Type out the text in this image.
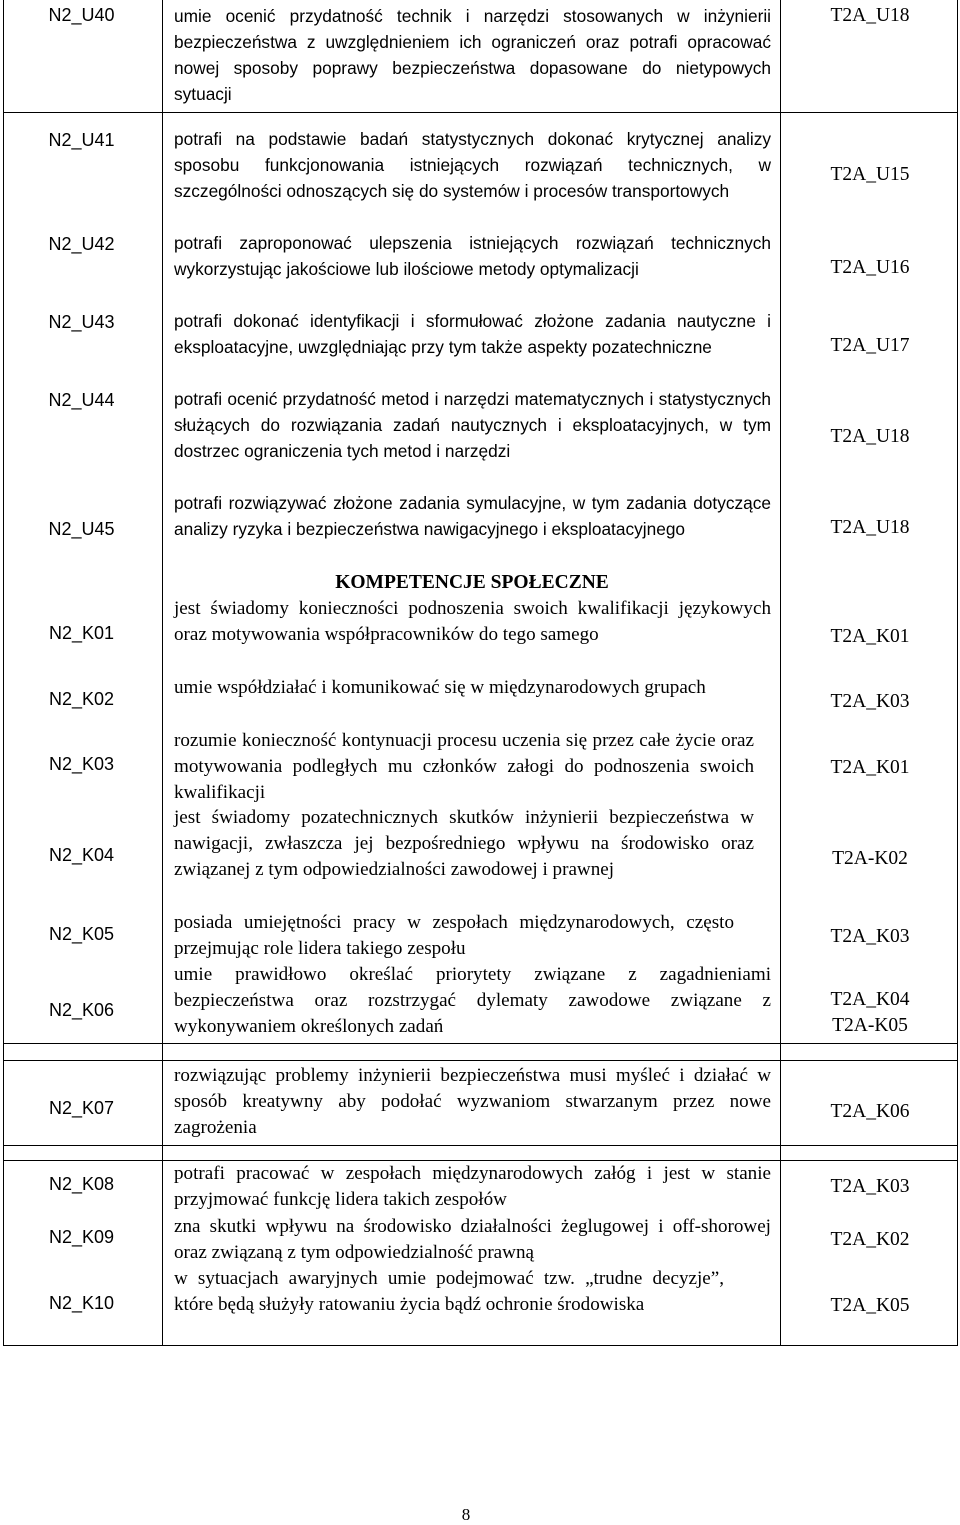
N2_U40
N2_U41
N2_U42
N2_U43
N2_U44
N2_U45
N2_K01
N2_K02
N2_K03
N2_K04
N2_K05
N2_K06
N2_K07
N2_K08
N2_K09
N2_K10

umie ocenić przydatność technik i narzędzi stosowanych w inżynierii bezpieczeństwa z uwzględnieniem ich ograniczeń oraz potrafi opracować nowej sposoby poprawy bezpieczeństwa dopasowane do nietypowych sytuacji

potrafi na podstawie badań statystycznych dokonać krytycznej analizy sposobu funkcjonowania istniejących rozwiązań technicznych, w szczególności odnoszących się do systemów i procesów transportowych

potrafi zaproponować ulepszenia istniejących rozwiązań technicznych wykorzystując jakościowe lub ilościowe metody optymalizacji

potrafi dokonać identyfikacji i sformułować złożone zadania nautyczne i eksploatacyjne, uwzględniając przy tym także aspekty pozatechniczne

potrafi ocenić przydatność metod i narzędzi matematycznych i statystycznych służących do rozwiązania zadań nautycznych i eksploatacyjnych, w tym dostrzec ograniczenia tych metod i narzędzi

potrafi rozwiązywać złożone zadania symulacyjne, w tym zadania dotyczące analizy ryzyka i bezpieczeństwa nawigacyjnego i eksploatacyjnego

KOMPETENCJE SPOŁECZNE

jest świadomy konieczności podnoszenia swoich kwalifikacji językowych oraz motywowania współpracowników do tego samego

umie współdziałać i komunikować się w międzynarodowych grupach

rozumie konieczność kontynuacji procesu uczenia się przez całe życie oraz motywowania podległych mu członków załogi do podnoszenia swoich kwalifikacji

jest świadomy pozatechnicznych skutków inżynierii bezpieczeństwa w nawigacji, zwłaszcza jej bezpośredniego wpływu na środowisko oraz związanej z tym odpowiedzialności zawodowej i prawnej

posiada umiejętności pracy w zespołach międzynarodowych, często przejmując role lidera takiego zespołu

umie prawidłowo określać priorytety związane z zagadnieniami bezpieczeństwa oraz rozstrzygać dylematy zawodowe związane z wykonywaniem określonych zadań

rozwiązując problemy inżynierii bezpieczeństwa musi myśleć i działać w sposób kreatywny aby podołać wyzwaniom stwarzanym przez nowe zagrożenia

potrafi pracować w zespołach międzynarodowych załóg i jest w stanie przyjmować funkcję lidera takich zespołów

zna skutki wpływu na środowisko działalności żeglugowej i off-shorowej oraz związaną z tym odpowiedzialność prawną

w sytuacjach awaryjnych umie podejmować tzw. „trudne decyzje”, które będą służyły ratowaniu życia bądź ochronie środowiska

T2A_U18
T2A_U15
T2A_U16
T2A_U17
T2A_U18
T2A_U18
T2A_K01
T2A_K03
T2A_K01
T2A-K02
T2A_K03
T2A_K04
T2A-K05
T2A_K06
T2A_K03
T2A_K02
T2A_K05
8
